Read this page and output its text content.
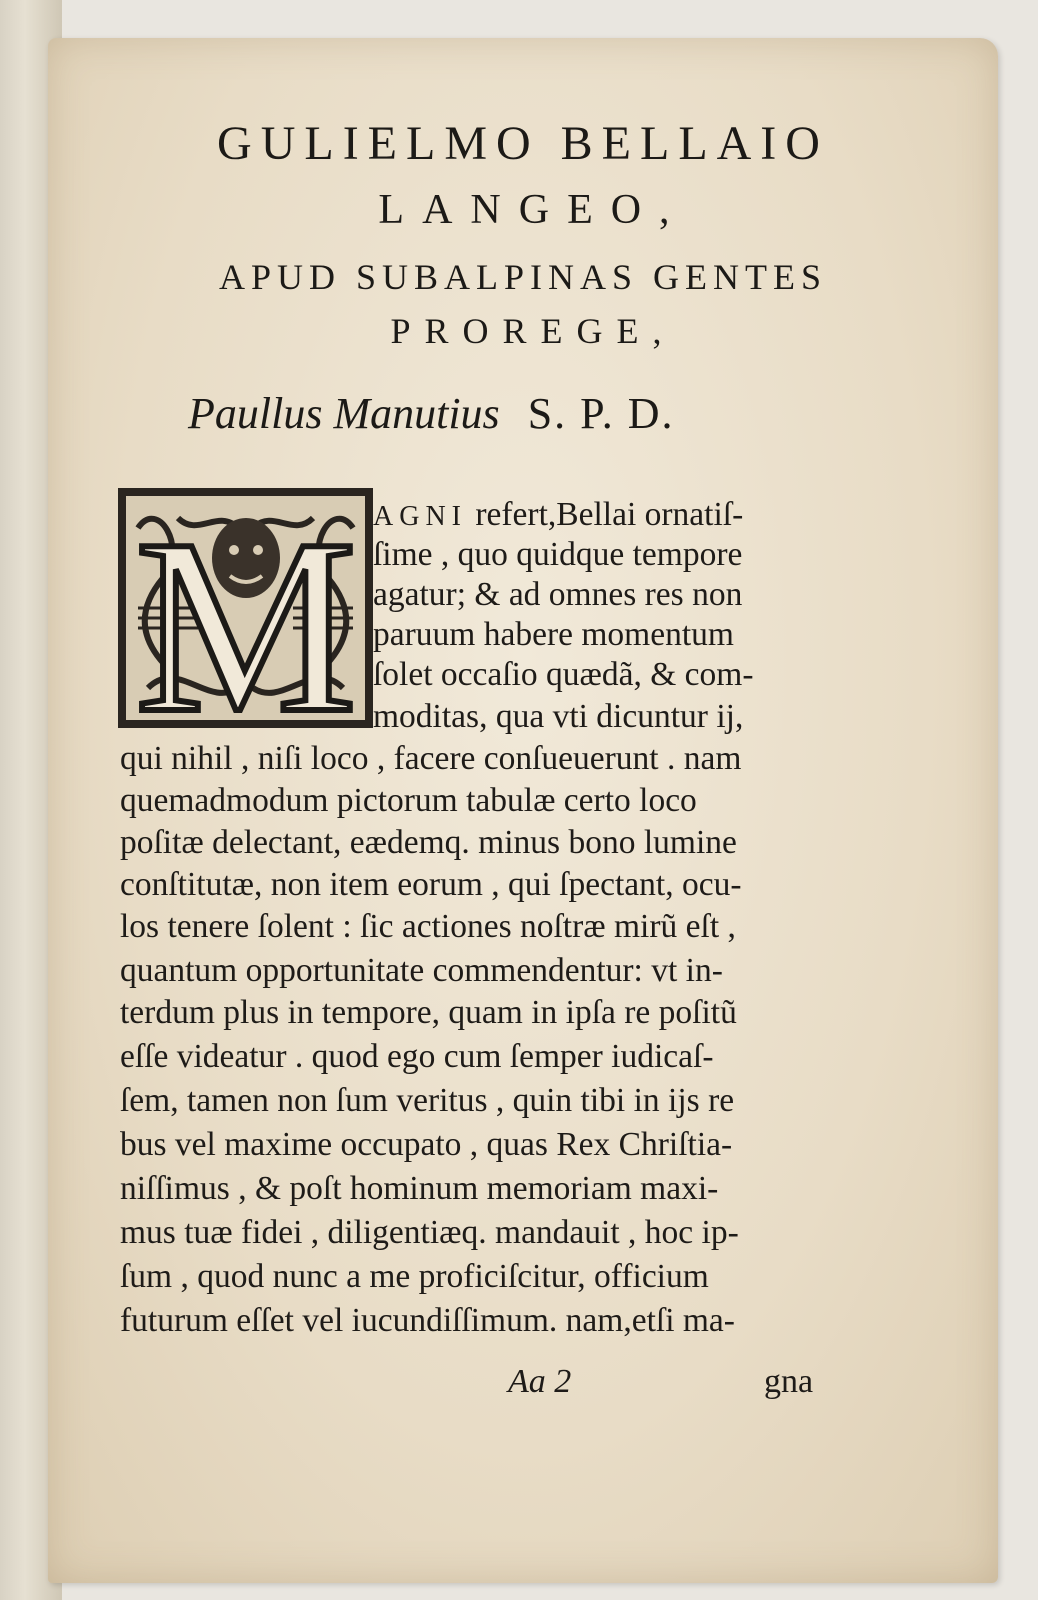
GULIELMO BELLAIO
LANGEO,
APUD SUBALPINAS GENTES
PROREGE,
Paullus Manutius S. P. D.
M AGNI refert,Bellai ornatiſ-
ſime , quo quidque tempore
agatur; & ad omnes res non
paruum habere momentum
ſolet occaſio quædã, & com-
moditas, qua vti dicuntur ij,
qui nihil , niſi loco , facere conſueuerunt . nam
quemadmodum pictorum tabulæ certo loco
poſitæ delectant, eædemq. minus bono lumine
conſtitutæ, non item eorum , qui ſpectant, ocu-
los tenere ſolent : ſic actiones noſtræ mirũ eſt ,
quantum opportunitate commendentur: vt in-
terdum plus in tempore, quam in ipſa re poſitũ
eſſe videatur . quod ego cum ſemper iudicaſ-
ſem, tamen non ſum veritus , quin tibi in ijs re
bus vel maxime occupato , quas Rex Chriſtia-
niſſimus , & poſt hominum memoriam maxi-
mus tuæ fidei , diligentiæq. mandauit , hoc ip-
ſum , quod nunc a me proficiſcitur, officium
futurum eſſet vel iucundiſſimum. nam,etſi ma-
Aa 2	gna
